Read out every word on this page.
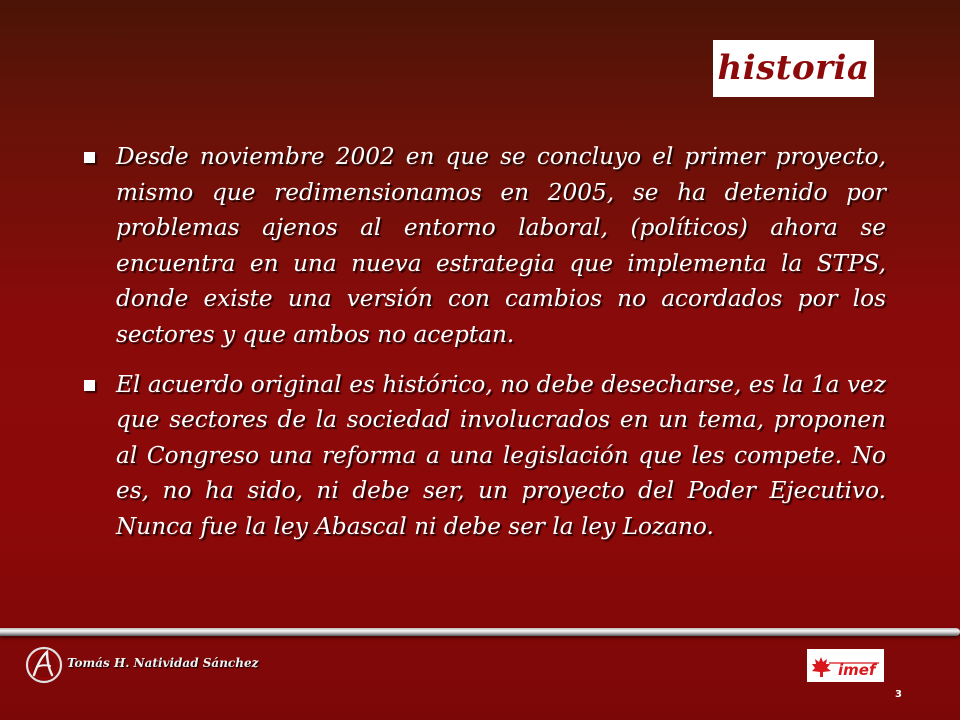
historia
Desde noviembre 2002 en que se concluyo el primer proyecto, mismo que redimensionamos en 2005, se ha detenido por problemas ajenos al entorno laboral, (políticos) ahora se encuentra en una nueva estrategia que implementa la STPS, donde existe una versión con cambios no acordados por los sectores y que ambos no aceptan.
El acuerdo original es histórico, no debe desecharse, es la 1a vez que sectores de la sociedad involucrados en un tema, proponen al Congreso una reforma a una legislación que les compete. No es, no ha sido, ni debe ser, un proyecto del Poder Ejecutivo. Nunca fue la ley Abascal ni debe ser la ley Lozano.
Tomás H. Natividad Sánchez	imef
3
